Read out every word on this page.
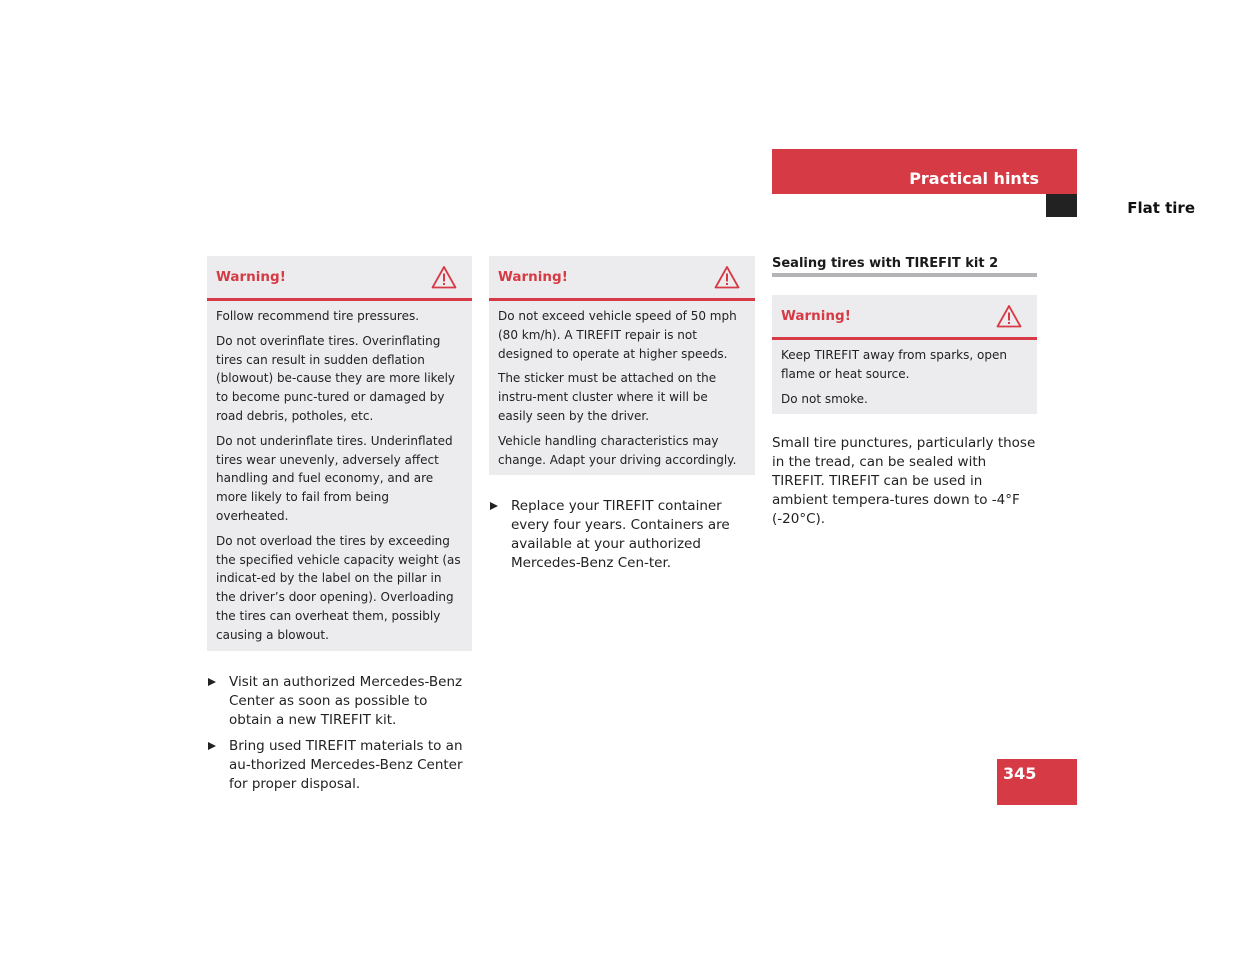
Practical hints
Flat tire
Warning!

Follow recommend tire pressures.

Do not overinflate tires. Overinflating tires can result in sudden deflation (blowout) be-cause they are more likely to become punc-tured or damaged by road debris, potholes, etc.

Do not underinflate tires. Underinflated tires wear unevenly, adversely affect handling and fuel economy, and are more likely to fail from being overheated.

Do not overload the tires by exceeding the specified vehicle capacity weight (as indicat-ed by the label on the pillar in the driver’s door opening). Overloading the tires can overheat them, possibly causing a blowout.

Visit an authorized Mercedes-Benz Center as soon as possible to obtain a new TIREFIT kit.
Bring used TIREFIT materials to an au-thorized Mercedes-Benz Center for proper disposal.
Warning!

Do not exceed vehicle speed of 50 mph (80 km/h). A TIREFIT repair is not designed to operate at higher speeds.

The sticker must be attached on the instru-ment cluster where it will be easily seen by the driver.

Vehicle handling characteristics may change. Adapt your driving accordingly.

Replace your TIREFIT container every four years. Containers are available at your authorized Mercedes-Benz Cen-ter.
Sealing tires with TIREFIT kit 2
Warning!

Keep TIREFIT away from sparks, open flame or heat source.

Do not smoke.

Small tire punctures, particularly those in the tread, can be sealed with TIREFIT. TIREFIT can be used in ambient tempera-tures down to -4°F (-20°C).
345
